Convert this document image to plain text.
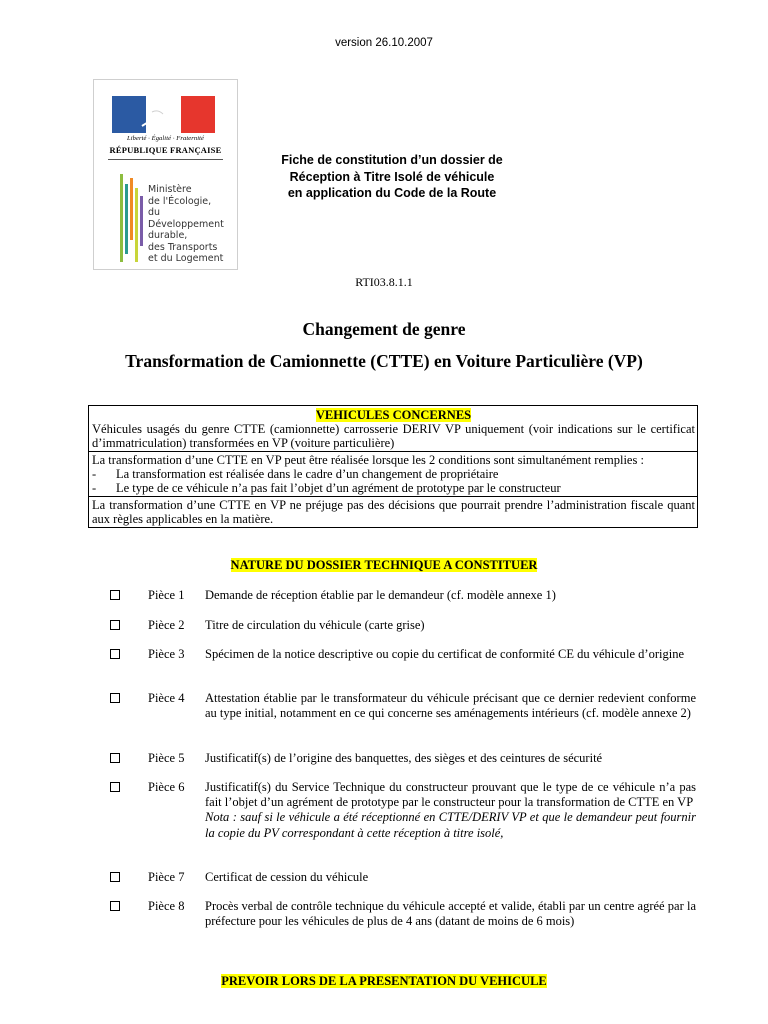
version 26.10.2007
Liberté · Égalité · Fraternité
RÉPUBLIQUE FRANÇAISE
Ministère
de l'Écologie,
du Développement
durable,
des Transports
et du Logement
Fiche de constitution d’un dossier de
Réception à Titre Isolé de véhicule
en application du Code de la Route
RTI03.8.1.1
Changement de genre
Transformation de Camionnette (CTTE) en Voiture Particulière (VP)
VEHICULES CONCERNES
Véhicules usagés du genre CTTE (camionnette) carrosserie DERIV VP uniquement (voir indications sur le certificat d’immatriculation) transformées en VP (voiture particulière)

La transformation d’une CTTE en VP peut être réalisée lorsque les 2 conditions sont simultanément remplies :
- La transformation est réalisée dans le cadre d’un changement de propriétaire
- Le type de ce véhicule n’a pas fait l’objet d’un agrément de prototype par le constructeur

La transformation d’une CTTE en VP ne préjuge pas des décisions que pourrait prendre l’administration fiscale quant aux règles applicables en la matière.
NATURE DU DOSSIER TECHNIQUE A CONSTITUER
Pièce 1 Demande de réception établie par le demandeur (cf. modèle annexe 1)
Pièce 2 Titre de circulation du véhicule (carte grise)
Pièce 3 Spécimen de la notice descriptive ou copie du certificat de conformité CE du véhicule d’origine
Pièce 4 Attestation établie par le transformateur du véhicule précisant que ce dernier redevient conforme au type initial, notamment en ce qui concerne ses aménagements intérieurs (cf. modèle annexe 2)
Pièce 5 Justificatif(s) de l’origine des banquettes, des sièges et des ceintures de sécurité
Pièce 6 Justificatif(s) du Service Technique du constructeur prouvant que le type de ce véhicule n’a pas fait l’objet d’un agrément de prototype par le constructeur pour la transformation de CTTE en VP
Nota : sauf si le véhicule a été réceptionné en CTTE/DERIV VP et que le demandeur peut fournir la copie du PV correspondant à cette réception à titre isolé,
Pièce 7 Certificat de cession du véhicule
Pièce 8 Procès verbal de contrôle technique du véhicule accepté et valide, établi par un centre agréé par la préfecture pour les véhicules de plus de 4 ans (datant de moins de 6 mois)
PREVOIR LORS DE LA PRESENTATION DU VEHICULE
